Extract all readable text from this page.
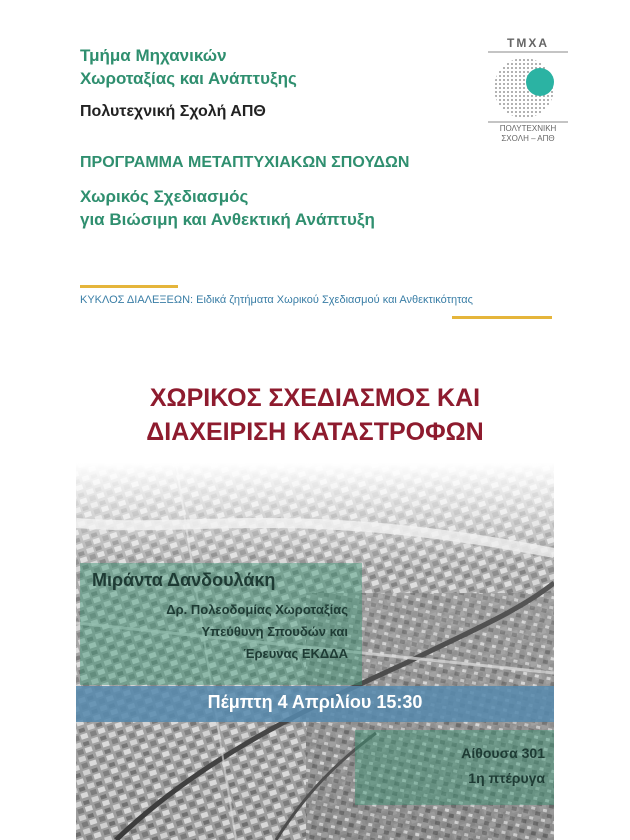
Τμήμα Μηχανικών
Χωροταξίας και Ανάπτυξης
Πολυτεχνική Σχολή ΑΠΘ
ΠΡΟΓΡΑΜΜΑ ΜΕΤΑΠΤΥΧΙΑΚΩΝ ΣΠΟΥΔΩΝ
Χωρικός Σχεδιασμός
για Βιώσιμη και Ανθεκτική Ανάπτυξη
ΤΜΧΑ
ΠΟΛΥΤΕΧΝΙΚΗ
ΣΧΟΛΗ – ΑΠΘ
ΚΥΚΛΟΣ ΔΙΑΛΕΞΕΩΝ: Ειδικά ζητήματα Χωρικού Σχεδιασμού και Ανθεκτικότητας
ΧΩΡΙΚΟΣ ΣΧΕΔΙΑΣΜΟΣ ΚΑΙ
ΔΙΑΧΕΙΡΙΣΗ ΚΑΤΑΣΤΡΟΦΩΝ
Μιράντα Δανδουλάκη
Δρ. Πολεοδομίας Χωροταξίας
Υπεύθυνη Σπουδών και
Έρευνας ΕΚΔΔΑ
Πέμπτη 4 Απριλίου 15:30
Αίθουσα 301
1η πτέρυγα
